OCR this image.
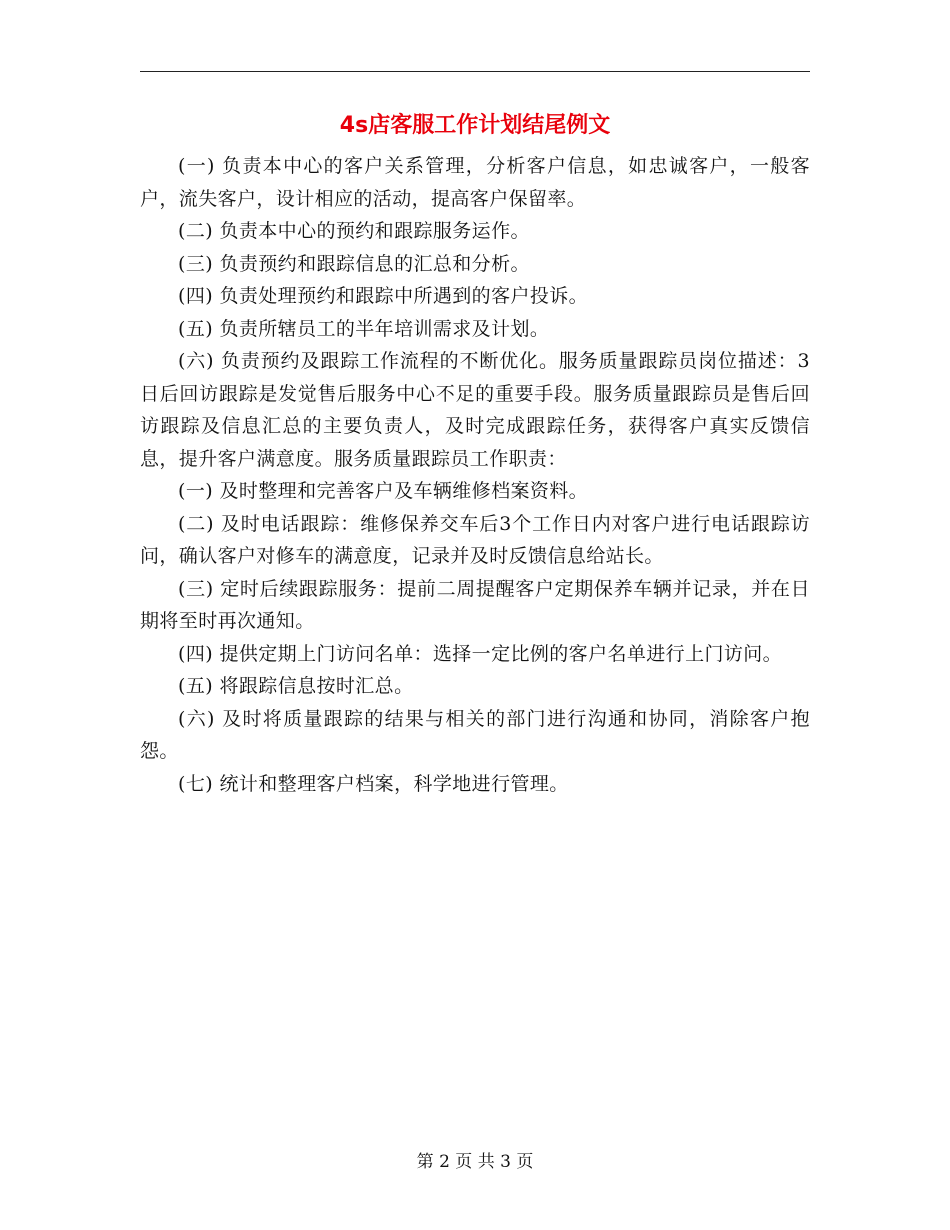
4s店客服工作计划结尾例文

(一) 负责本中心的客户关系管理，分析客户信息，如忠诚客户，一般客户，流失客户，设计相应的活动，提高客户保留率。

(二) 负责本中心的预约和跟踪服务运作。

(三) 负责预约和跟踪信息的汇总和分析。

(四) 负责处理预约和跟踪中所遇到的客户投诉。

(五) 负责所辖员工的半年培训需求及计划。

(六) 负责预约及跟踪工作流程的不断优化。服务质量跟踪员岗位描述：3日后回访跟踪是发觉售后服务中心不足的重要手段。服务质量跟踪员是售后回访跟踪及信息汇总的主要负责人，及时完成跟踪任务，获得客户真实反馈信息，提升客户满意度。服务质量跟踪员工作职责：

(一) 及时整理和完善客户及车辆维修档案资料。

(二) 及时电话跟踪：维修保养交车后3个工作日内对客户进行电话跟踪访问，确认客户对修车的满意度，记录并及时反馈信息给站长。

(三) 定时后续跟踪服务：提前二周提醒客户定期保养车辆并记录，并在日期将至时再次通知。

(四) 提供定期上门访问名单：选择一定比例的客户名单进行上门访问。

(五) 将跟踪信息按时汇总。

(六) 及时将质量跟踪的结果与相关的部门进行沟通和协同，消除客户抱怨。

(七) 统计和整理客户档案，科学地进行管理。

第 2 页 共 3 页
